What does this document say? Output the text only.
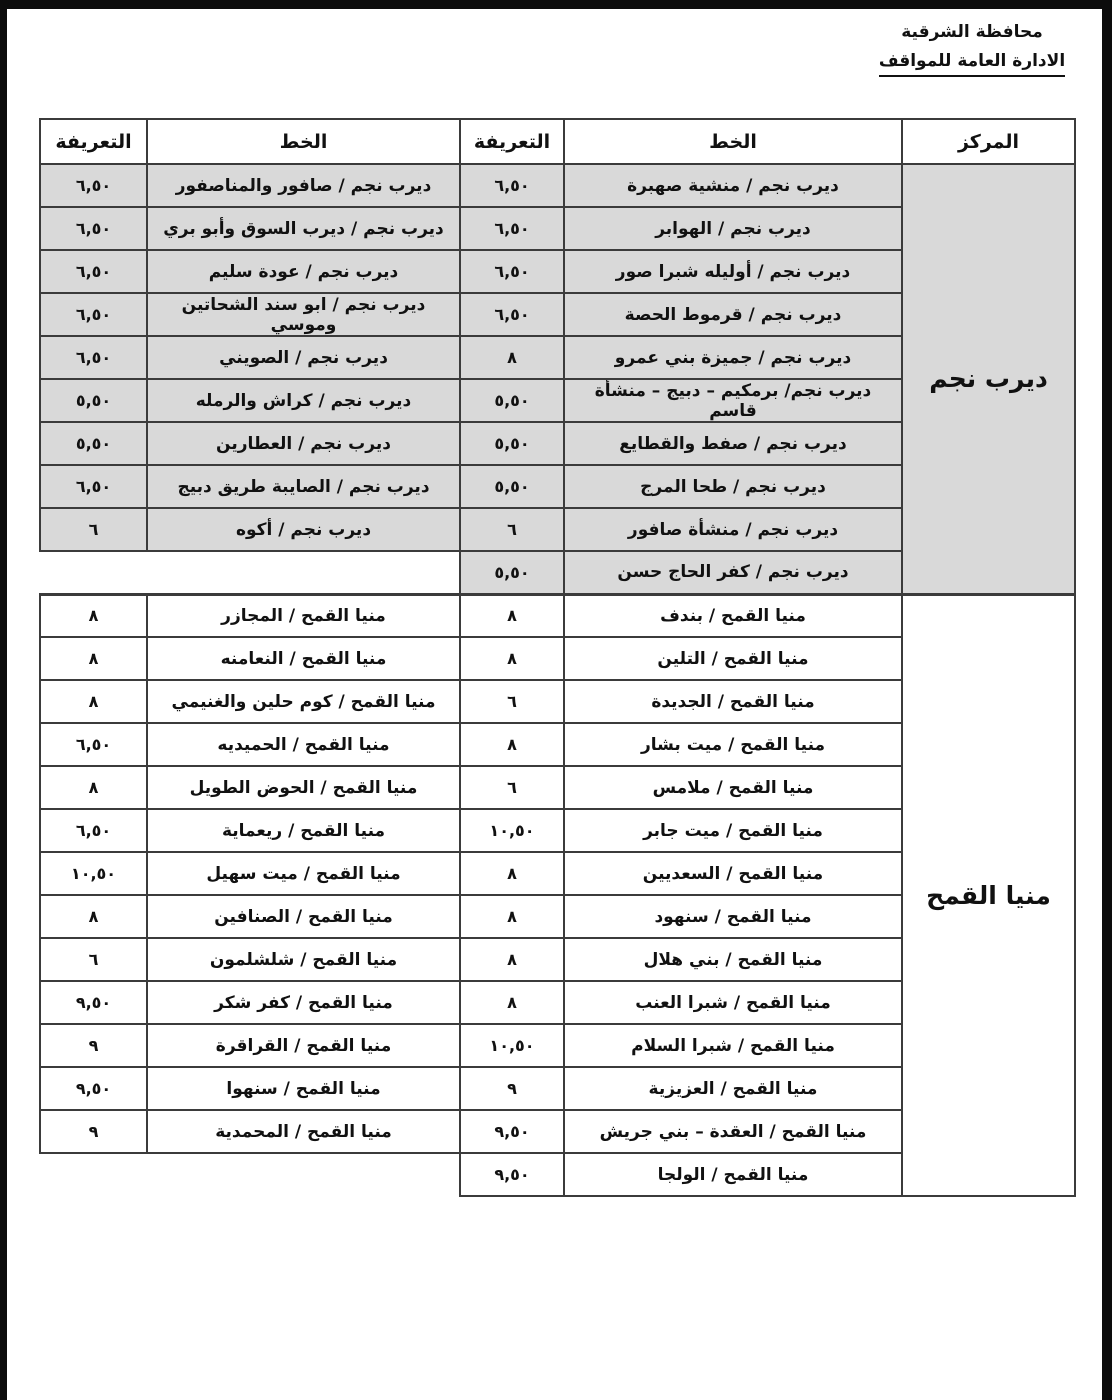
محافظة الشرقية
الادارة العامة للمواقف
المركز	الخط	التعريفة	الخط	التعريفة
ديرب نجم	ديرب نجم / منشية صهبرة	٦,٥٠	ديرب نجم / صافور والمناصفور	٦,٥٠
	ديرب نجم / الهوابر	٦,٥٠	ديرب نجم / ديرب السوق وأبو بري	٦,٥٠
	ديرب نجم / أوليله شبرا صور	٦,٥٠	ديرب نجم / عودة سليم	٦,٥٠
	ديرب نجم / قرموط الحصة	٦,٥٠	ديرب نجم / ابو سند الشحاتين وموسي	٦,٥٠
	ديرب نجم / جميزة بني عمرو	٨	ديرب نجم / الصويني	٦,٥٠
	ديرب نجم/ برمكيم – دبيج – منشأة قاسم	٥,٥٠	ديرب نجم / كراش والرمله	٥,٥٠
	ديرب نجم / صفط والقطايع	٥,٥٠	ديرب نجم / العطارين	٥,٥٠
	ديرب نجم / طحا المرج	٥,٥٠	ديرب نجم / الصايبة طريق دبيج	٦,٥٠
	ديرب نجم / منشأة صافور	٦	ديرب نجم / أكوه	٦
	ديرب نجم / كفر الحاج حسن	٥,٥٠		
منيا القمح	منيا القمح / بندف	٨	منيا القمح / المجازر	٨
	منيا القمح / التلين	٨	منيا القمح / النعامنه	٨
	منيا القمح / الجديدة	٦	منيا القمح / كوم حلين والغنيمي	٨
	منيا القمح / ميت بشار	٨	منيا القمح / الحميديه	٦,٥٠
	منيا القمح / ملامس	٦	منيا القمح / الحوض الطويل	٨
	منيا القمح / ميت جابر	١٠,٥٠	منيا القمح / ريعماية	٦,٥٠
	منيا القمح / السعديين	٨	منيا القمح / ميت سهيل	١٠,٥٠
	منيا القمح / سنهود	٨	منيا القمح / الصنافين	٨
	منيا القمح / بني هلال	٨	منيا القمح / شلشلمون	٦
	منيا القمح / شبرا العنب	٨	منيا القمح / كفر شكر	٩,٥٠
	منيا القمح / شبرا السلام	١٠,٥٠	منيا القمح / القراقرة	٩
	منيا القمح / العزيزية	٩	منيا القمح / سنهوا	٩,٥٠
	منيا القمح / العقدة – بني جريش	٩,٥٠	منيا القمح / المحمدية	٩
	منيا القمح / الولجا	٩,٥٠		
